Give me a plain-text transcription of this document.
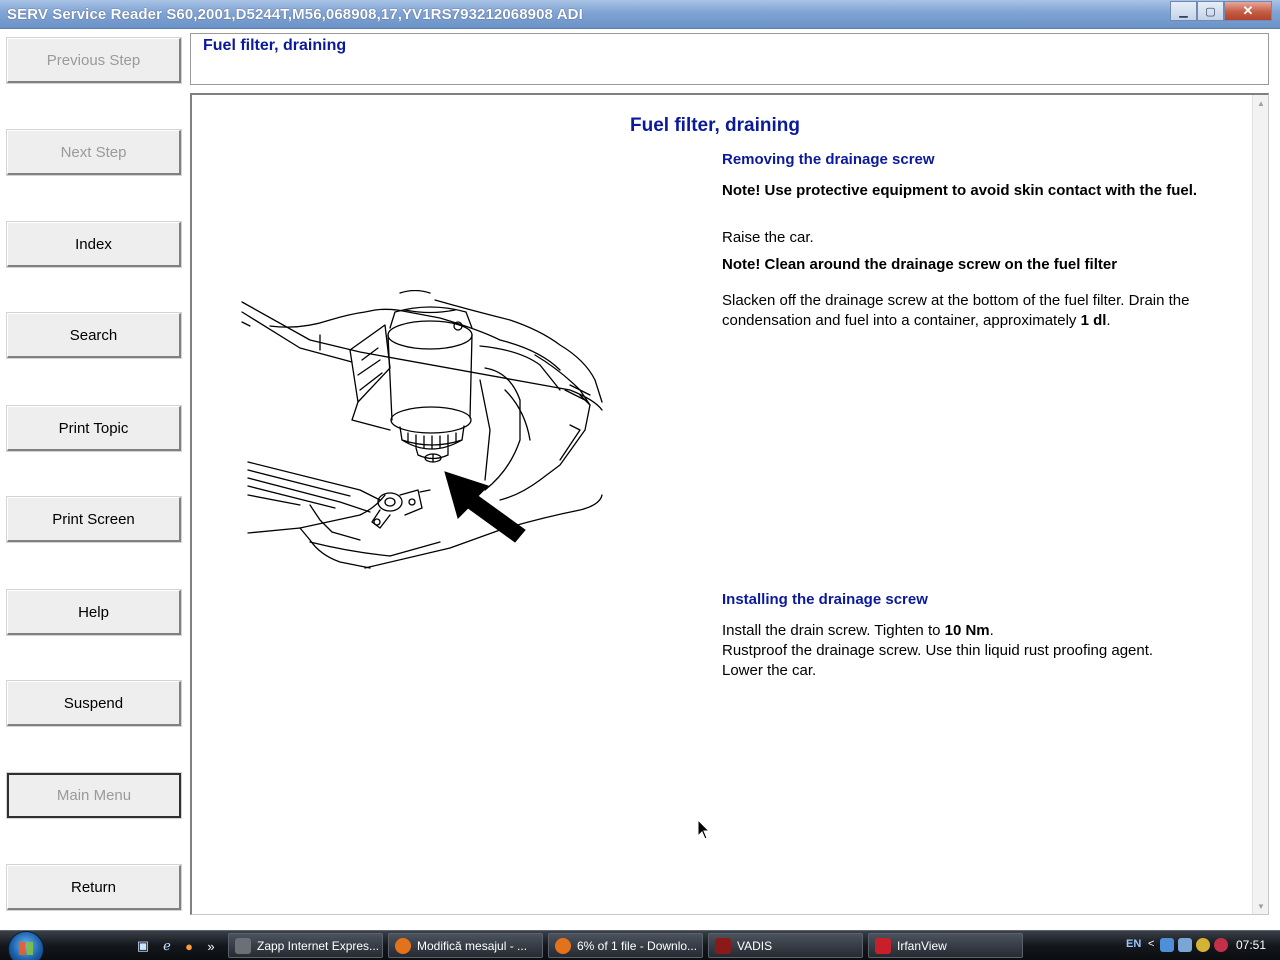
SERV Service Reader S60,2001,D5244T,M56,068908,17,YV1RS793212068908 ADI	▁	▢	✕
Previous Step
Next Step
Index
Search
Print Topic
Print Screen
Help
Suspend
Main Menu
Return
Fuel filter, draining
Fuel filter, draining
Removing the drainage screw
Note! Use protective equipment to avoid skin contact with the fuel.
Raise the car.
Note! Clean around the drainage screw on the fuel filter
Slacken off the drainage screw at the bottom of the fuel filter. Drain the condensation and fuel into a container, approximately 1 dl.
Installing the drainage screw
Install the drain screw. Tighten to 10 Nm.
Rustproof the drainage screw. Use thin liquid rust proofing agent.
Lower the car.
▲
▼
▣	ℯ	●	»	Zapp Internet Expres...	Modifică mesajul - ...	6% of 1 file - Downlo...	VADIS	IrfanView	EN <	07:51
